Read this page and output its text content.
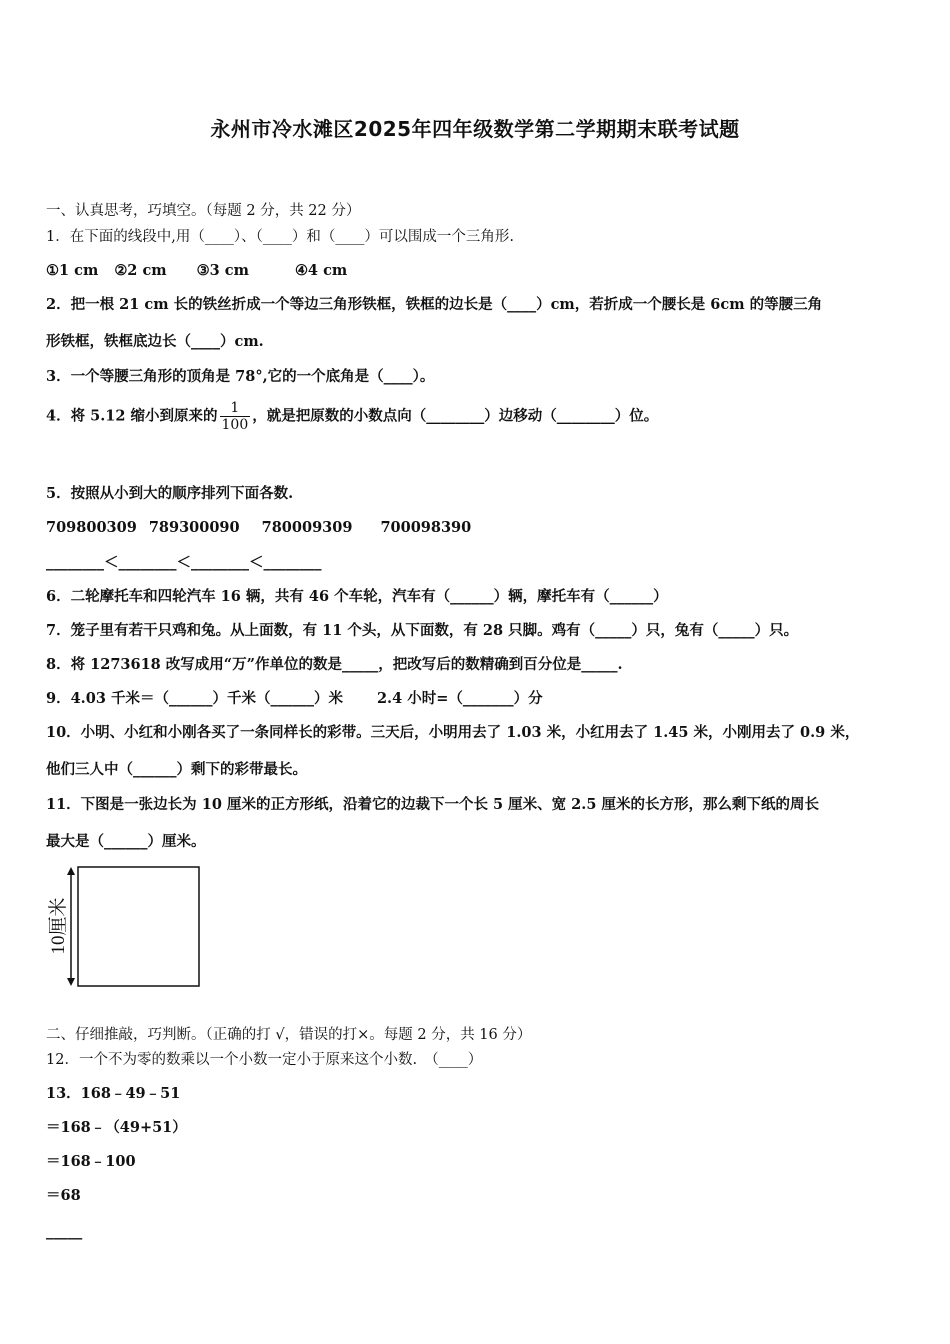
永州市冷水滩区2025年四年级数学第二学期期末联考试题
一、认真思考，巧填空。（每题 2 分，共 22 分）
1．在下面的线段中,用（____）、（____）和（____）可以围成一个三角形.
①1 cm ②2 cm ③3 cm	④4 cm
2．把一根 21 cm 长的铁丝折成一个等边三角形铁框，铁框的边长是（____）cm，若折成一个腰长是 6cm 的等腰三角
形铁框，铁框底边长（____）cm.
3．一个等腰三角形的顶角是 78°,它的一个底角是（____）。
4．将 5.12 缩小到原来的 $\frac{1}{100}$ ，就是把原数的小数点向（________）边移动（________）位。
5．按照从小到大的顺序排列下面各数.
709800309 789300090 780009309 700098390
________＜________＜________＜________
6．二轮摩托车和四轮汽车 16 辆，共有 46 个车轮，汽车有（______）辆，摩托车有（______）
7．笼子里有若干只鸡和兔。从上面数，有 11 个头，从下面数，有 28 只脚。鸡有（_____）只，兔有（_____）只。
8．将 1273618 改写成用“万”作单位的数是_____，把改写后的数精确到百分位是_____.
9．4.03 千米＝（______）千米（______）米 2.4 小时=（_______）分
10．小明、小红和小刚各买了一条同样长的彩带。三天后，小明用去了 1.03 米，小红用去了 1.45 米，小刚用去了 0.9 米，
他们三人中（______）剩下的彩带最长。
11．下图是一张边长为 10 厘米的正方形纸，沿着它的边裁下一个长 5 厘米、宽 2.5 厘米的长方形，那么剩下纸的周长
最大是（______）厘米。
10厘米
二、仔细推敲，巧判断。（正确的打 √，错误的打×。每题 2 分，共 16 分）
12．一个不为零的数乘以一个小数一定小于原来这个小数.　（____）
13．168﹣49﹣51
＝168﹣（49+51）
＝168﹣100
＝68
_____
